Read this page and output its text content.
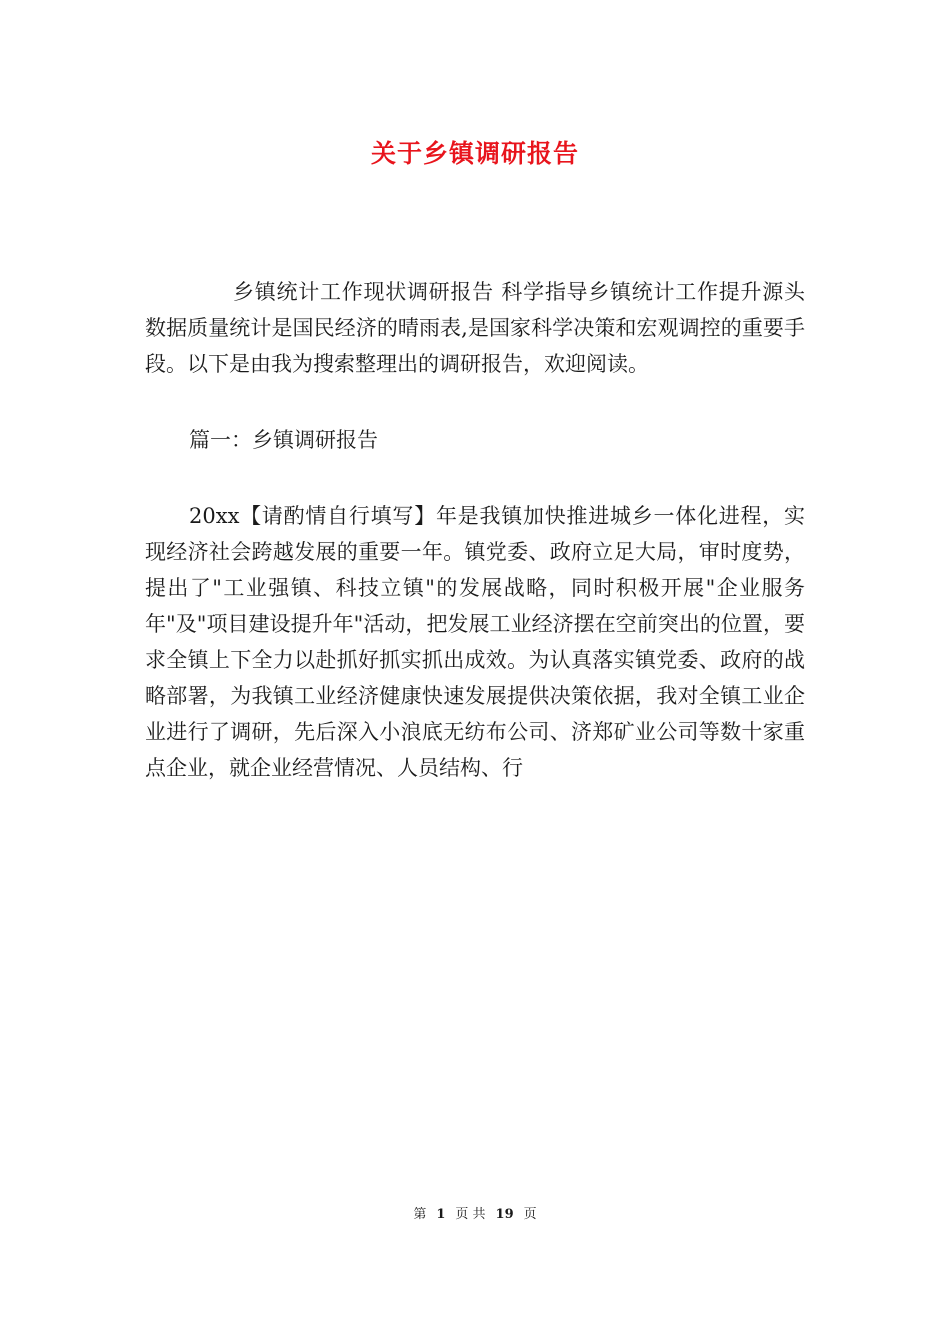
关于乡镇调研报告

乡镇统计工作现状调研报告 科学指导乡镇统计工作提升源头数据质量统计是国民经济的晴雨表,是国家科学决策和宏观调控的重要手段。以下是由我为搜索整理出的调研报告，欢迎阅读。

篇一：乡镇调研报告

20xx【请酌情自行填写】年是我镇加快推进城乡一体化进程，实现经济社会跨越发展的重要一年。镇党委、政府立足大局，审时度势，提出了"工业强镇、科技立镇"的发展战略，同时积极开展"企业服务年"及"项目建设提升年"活动，把发展工业经济摆在空前突出的位置，要求全镇上下全力以赴抓好抓实抓出成效。为认真落实镇党委、政府的战略部署，为我镇工业经济健康快速发展提供决策依据，我对全镇工业企业进行了调研，先后深入小浪底无纺布公司、济郑矿业公司等数十家重点企业，就企业经营情况、人员结构、行

第 1 页 共 19 页
